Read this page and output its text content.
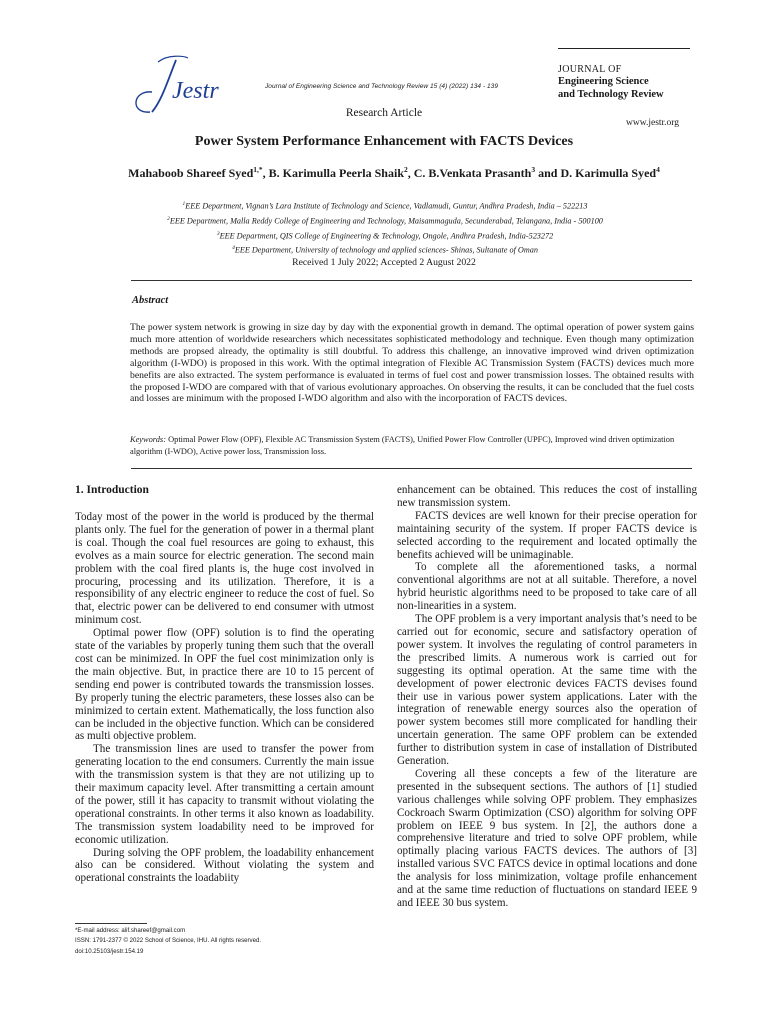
Jestr	Journal of Engineering Science and Technology Review 15 (4) (2022) 134 - 139
JOURNAL OF
Engineering Science
and Technology Review
www.jestr.org
Research Article
Power System Performance Enhancement with FACTS Devices
Mahaboob Shareef Syed$^{1,*}$, B. Karimulla Peerla Shaik$^2$, C. B.Venkata Prasanth$^3$ and D. Karimulla Syed$^4$
$^1$EEE Department, Vignan’s Lara Institute of Technology and Science, Vadlamudi, Guntur, Andhra Pradesh, India – 522213
$^2$EEE Department, Malla Reddy College of Engineering and Technology, Maisammaguda, Secunderabad, Telangana, India - 500100
$^3$EEE Department, QIS College of Engineering & Technology, Ongole, Andhra Pradesh, India-523272
$^4$EEE Department, University of technology and applied sciences- Shinas, Sultanate of Oman
Received 1 July 2022; Accepted 2 August 2022
Abstract
The power system network is growing in size day by day with the exponential growth in demand. The optimal operation of power system gains much more attention of worldwide researchers which necessitates sophisticated methodology and technique. Even though many optimization methods are propsed already, the optimality is still doubtful. To address this challenge, an innovative improved wind driven optimization algorithm (I-WDO) is proposed in this work. With the optimal integration of Flexible AC Transmission System (FACTS) devices much more benefits are also extracted. The system performance is evaluated in terms of fuel cost and power transmission losses. The obtained results with the proposed I-WDO are compared with that of various evolutionary approaches. On observing the results, it can be concluded that the fuel costs and losses are minimum with the proposed I-WDO algorithm and also with the incorporation of FACTS devices.
Keywords: Optimal Power Flow (OPF), Flexible AC Transmission System (FACTS), Unified Power Flow Controller (UPFC), Improved wind driven optimization algorithm (I-WDO), Active power loss, Transmission loss.
1. Introduction

Today most of the power in the world is produced by the thermal plants only. The fuel for the generation of power in a thermal plant is coal. Though the coal fuel resources are going to exhaust, this evolves as a main source for electric generation. The second main problem with the coal fired plants is, the huge cost involved in procuring, processing and its utilization. Therefore, it is a responsibility of any electric engineer to reduce the cost of fuel. So that, electric power can be delivered to end consumer with utmost minimum cost.

Optimal power flow (OPF) solution is to find the operating state of the variables by properly tuning them such that the overall cost can be minimized. In OPF the fuel cost minimization only is the main objective. But, in practice there are 10 to 15 percent of sending end power is contributed towards the transmission losses. By properly tuning the electric parameters, these losses also can be minimized to certain extent. Mathematically, the loss function also can be included in the objective function. Which can be considered as multi objective problem.

The transmission lines are used to transfer the power from generating location to the end consumers. Currently the main issue with the transmission system is that they are not utilizing up to their maximum capacity level. After transmitting a certain amount of the power, still it has capacity to transmit without violating the operational constraints. In other terms it also known as loadability. The transmission system loadability need to be improved for economic utilization.

During solving the OPF problem, the loadability enhancement also can be considered. Without violating the system and operational constraints the loadabiity

enhancement can be obtained. This reduces the cost of installing new transmission system.

FACTS devices are well known for their precise operation for maintaining security of the system. If proper FACTS device is selected according to the requirement and located optimally the benefits achieved will be unimaginable.

To complete all the aforementioned tasks, a normal conventional algorithms are not at all suitable. Therefore, a novel hybrid heuristic algorithms need to be proposed to take care of all non-linearities in a system.

The OPF problem is a very important analysis that’s need to be carried out for economic, secure and satisfactory operation of power system. It involves the regulating of control parameters in the prescribed limits. A numerous work is carried out for suggesting its optimal operation. At the same time with the development of power electronic devices FACTS devises found their use in various power system applications. Later with the integration of renewable energy sources also the operation of power system becomes still more complicated for handling their uncertain generation. The same OPF problem can be extended further to distribution system in case of installation of Distributed Generation.

Covering all these concepts a few of the literature are presented in the subsequent sections. The authors of [1] studied various challenges while solving OPF problem. They emphasizes Cockroach Swarm Optimization (CSO) algorithm for solving OPF problem on IEEE 9 bus system. In [2], the authors done a comprehensive literature and tried to solve OPF problem, while optimally placing various FACTS devices. The authors of [3] installed various SVC FATCS device in optimal locations and done the analysis for loss minimization, voltage profile enhancement and at the same time reduction of fluctuations on standard IEEE 9 and IEEE 30 bus system.

*E-mail address: alif.shareef@gmail.com
ISSN: 1791-2377 © 2022 School of Science, IHU. All rights reserved.
doi:10.25103/jestr.154.19
